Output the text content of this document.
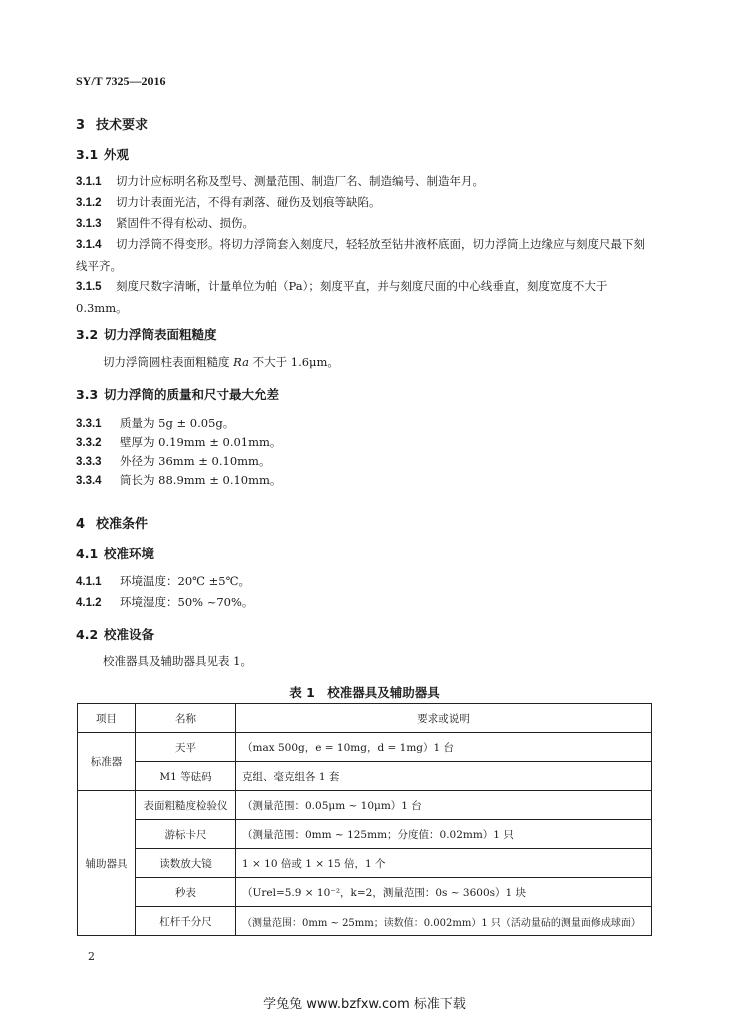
SY/T 7325—2016
3 技术要求
3.1 外观
3.1.1 切力计应标明名称及型号、测量范围、制造厂名、制造编号、制造年月。
3.1.2 切力计表面光洁，不得有剥落、碰伤及划痕等缺陷。
3.1.3 紧固件不得有松动、损伤。
3.1.4 切力浮筒不得变形。将切力浮筒套入刻度尺，轻轻放至钻井液杯底面，切力浮筒上边缘应与刻度尺最下刻线平齐。
3.1.5 刻度尺数字清晰，计量单位为帕（Pa）；刻度平直，并与刻度尺面的中心线垂直，刻度宽度不大于 0.3mm。
3.2 切力浮筒表面粗糙度
切力浮筒圆柱表面粗糙度 Ra 不大于 1.6μm。
3.3 切力浮筒的质量和尺寸最大允差
3.3.1 质量为 5g ± 0.05g。
3.3.2 壁厚为 0.19mm ± 0.01mm。
3.3.3 外径为 36mm ± 0.10mm。
3.3.4 筒长为 88.9mm ± 0.10mm。
4 校准条件
4.1 校准环境
4.1.1 环境温度：20℃ ±5℃。
4.1.2 环境湿度：50% ~70%。
4.2 校准设备
校准器具及辅助器具见表 1。
表 1　校准器具及辅助器具
项目	名称	要求或说明
标准器	天平	（max 500g，e = 10mg，d = 1mg）1 台
	M1 等砝码	克组、毫克组各 1 套
辅助器具	表面粗糙度检验仪	（测量范围：0.05μm ~ 10μm）1 台
	游标卡尺	（测量范围：0mm ~ 125mm；分度值：0.02mm）1 只
	读数放大镜	1 × 10 倍或 1 × 15 倍，1 个
	秒表	（Urel=5.9 × 10⁻²，k=2，测量范围：0s ~ 3600s）1 块
	杠杆千分尺	（测量范围：0mm ~ 25mm；读数值：0.002mm）1 只（活动量砧的测量面修成球面）
2
学兔兔 www.bzfxw.com 标准下载
